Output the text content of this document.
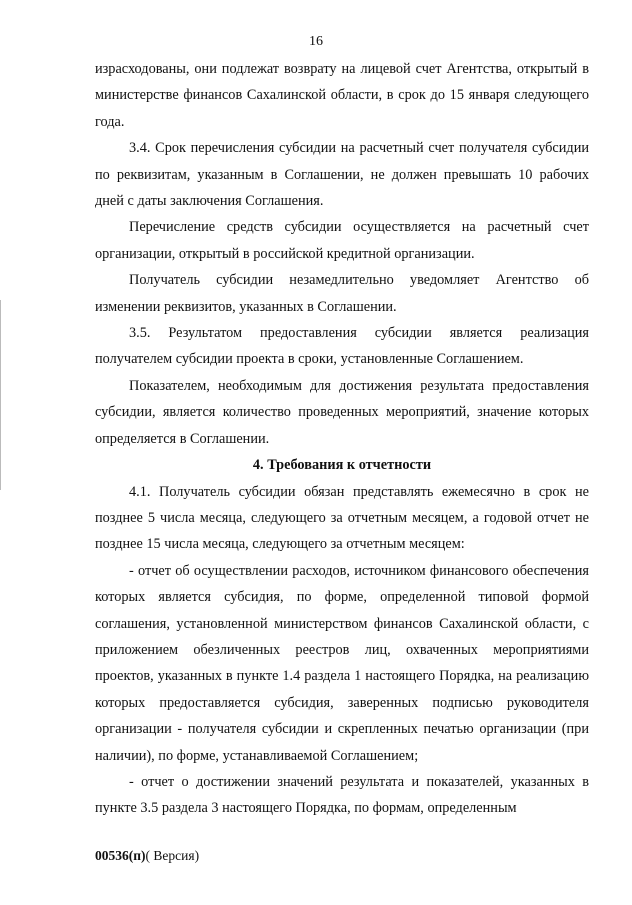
16

израсходованы, они подлежат возврату на лицевой счет Агентства, открытый в министерстве финансов Сахалинской области, в срок до 15 января следующего года.

3.4. Срок перечисления субсидии на расчетный счет получателя субсидии по реквизитам, указанным в Соглашении, не должен превышать 10 рабочих дней с даты заключения Соглашения.

Перечисление средств субсидии осуществляется на расчетный счет организации, открытый в российской кредитной организации.

Получатель субсидии незамедлительно уведомляет Агентство об изменении реквизитов, указанных в Соглашении.

3.5. Результатом предоставления субсидии является реализация получателем субсидии проекта в сроки, установленные Соглашением.

Показателем, необходимым для достижения результата предоставления субсидии, является количество проведенных мероприятий, значение которых определяется в Соглашении.

4. Требования к отчетности

4.1. Получатель субсидии обязан представлять ежемесячно в срок не позднее 5 числа месяца, следующего за отчетным месяцем, а годовой отчет не позднее 15 числа месяца, следующего за отчетным месяцем:

- отчет об осуществлении расходов, источником финансового обеспечения которых является субсидия, по форме, определенной типовой формой соглашения, установленной министерством финансов Сахалинской области, с приложением обезличенных реестров лиц, охваченных мероприятиями проектов, указанных в пункте 1.4 раздела 1 настоящего Порядка, на реализацию которых предоставляется субсидия, заверенных подписью руководителя организации - получателя субсидии и скрепленных печатью организации (при наличии), по форме, устанавливаемой Соглашением;

- отчет о достижении значений результата и показателей, указанных в пункте 3.5 раздела 3 настоящего Порядка, по формам, определенным

00536(п)( Версия)
